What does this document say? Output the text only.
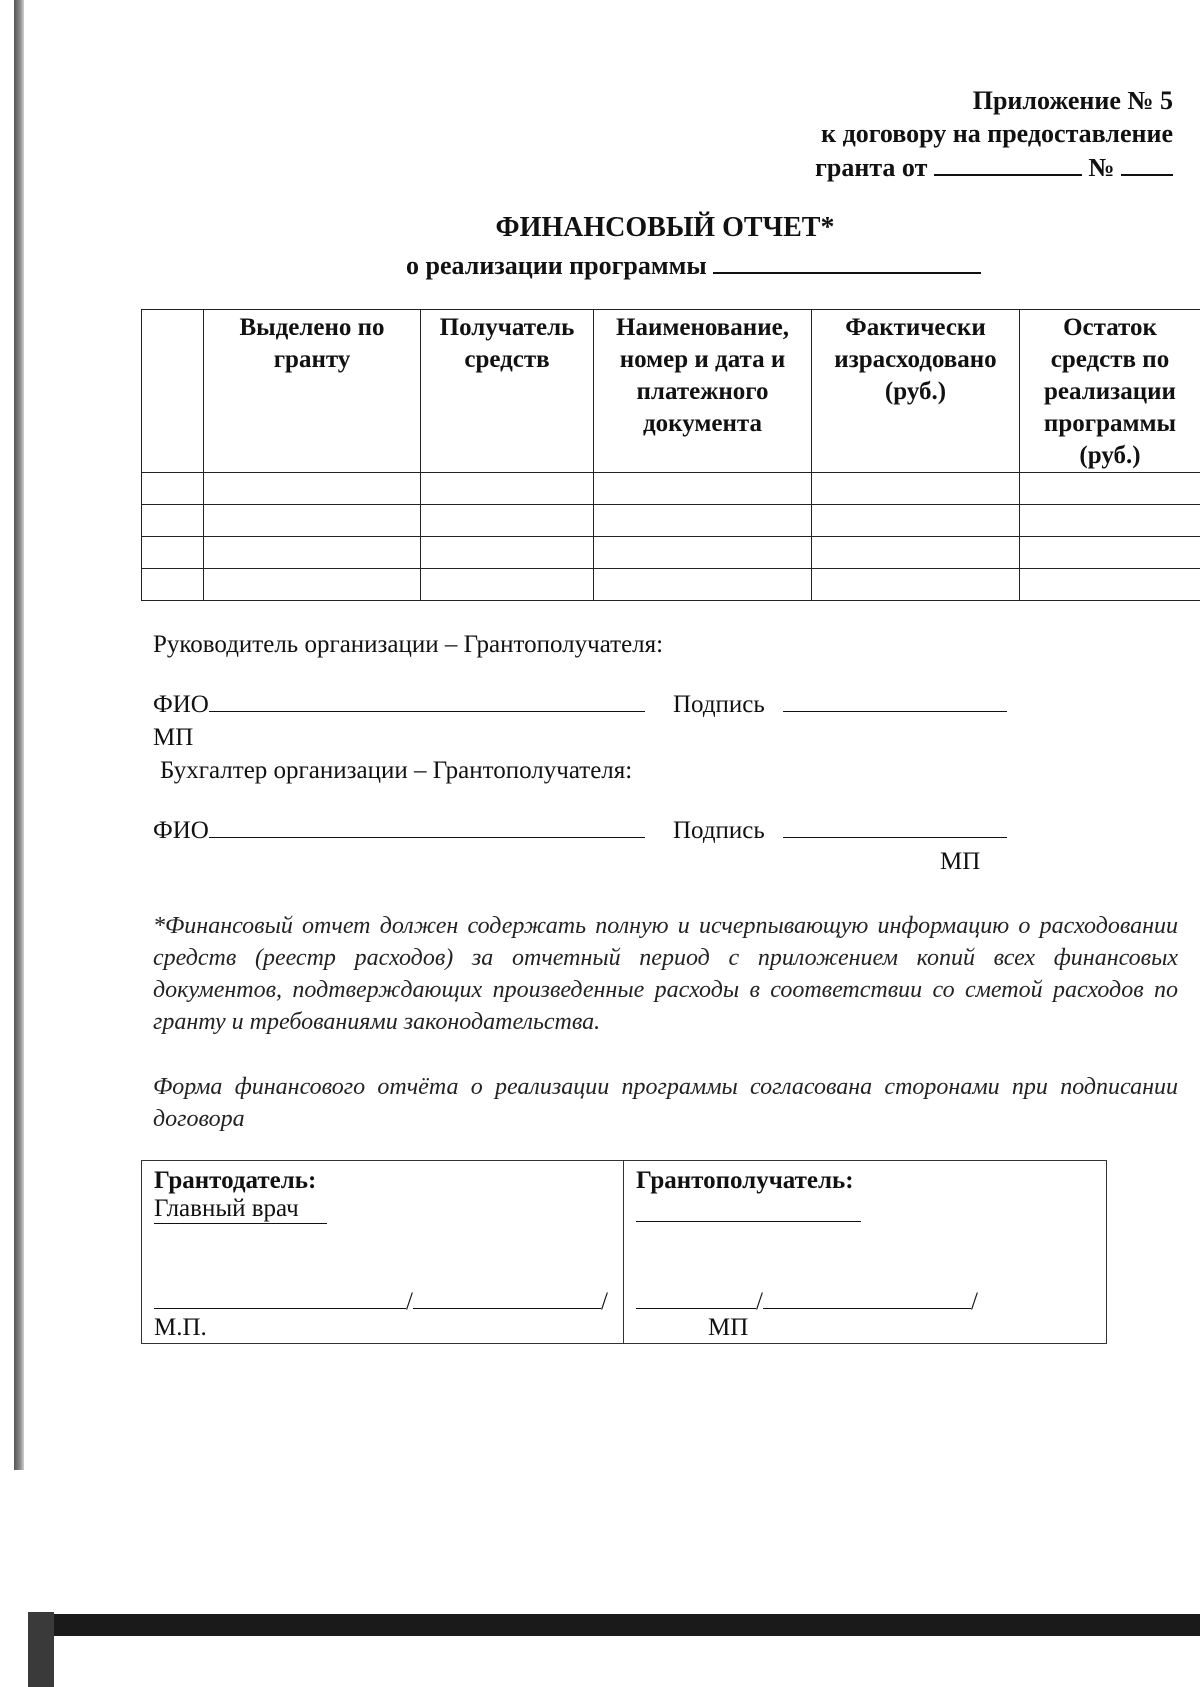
Приложение № 5
к договору на предоставление
гранта от	№
ФИНАНСОВЫЙ ОТЧЕТ*
о реализации программы
	Выделено по гранту	Получатель средств	Наименование, номер и дата и платежного документа	Фактически израсходовано (руб.)	Остаток средств по реализации программы (руб.)

Руководитель организации – Грантополучателя:
ФИО	Подпись
МП
Бухгалтер организации – Грантополучателя:
ФИО	Подпись
МП
*Финансовый отчет должен содержать полную и исчерпывающую информацию о расходовании средств (реестр расходов) за отчетный период с приложением копий всех финансовых документов, подтверждающих произведенные расходы в соответствии со сметой расходов по гранту и требованиями законодательства.
Форма финансового отчёта о реализации программы согласована сторонами при подписании договора
Грантодатель:
Главный врач
/	/
М.П.

Грантополучатель:
/	/
МП
